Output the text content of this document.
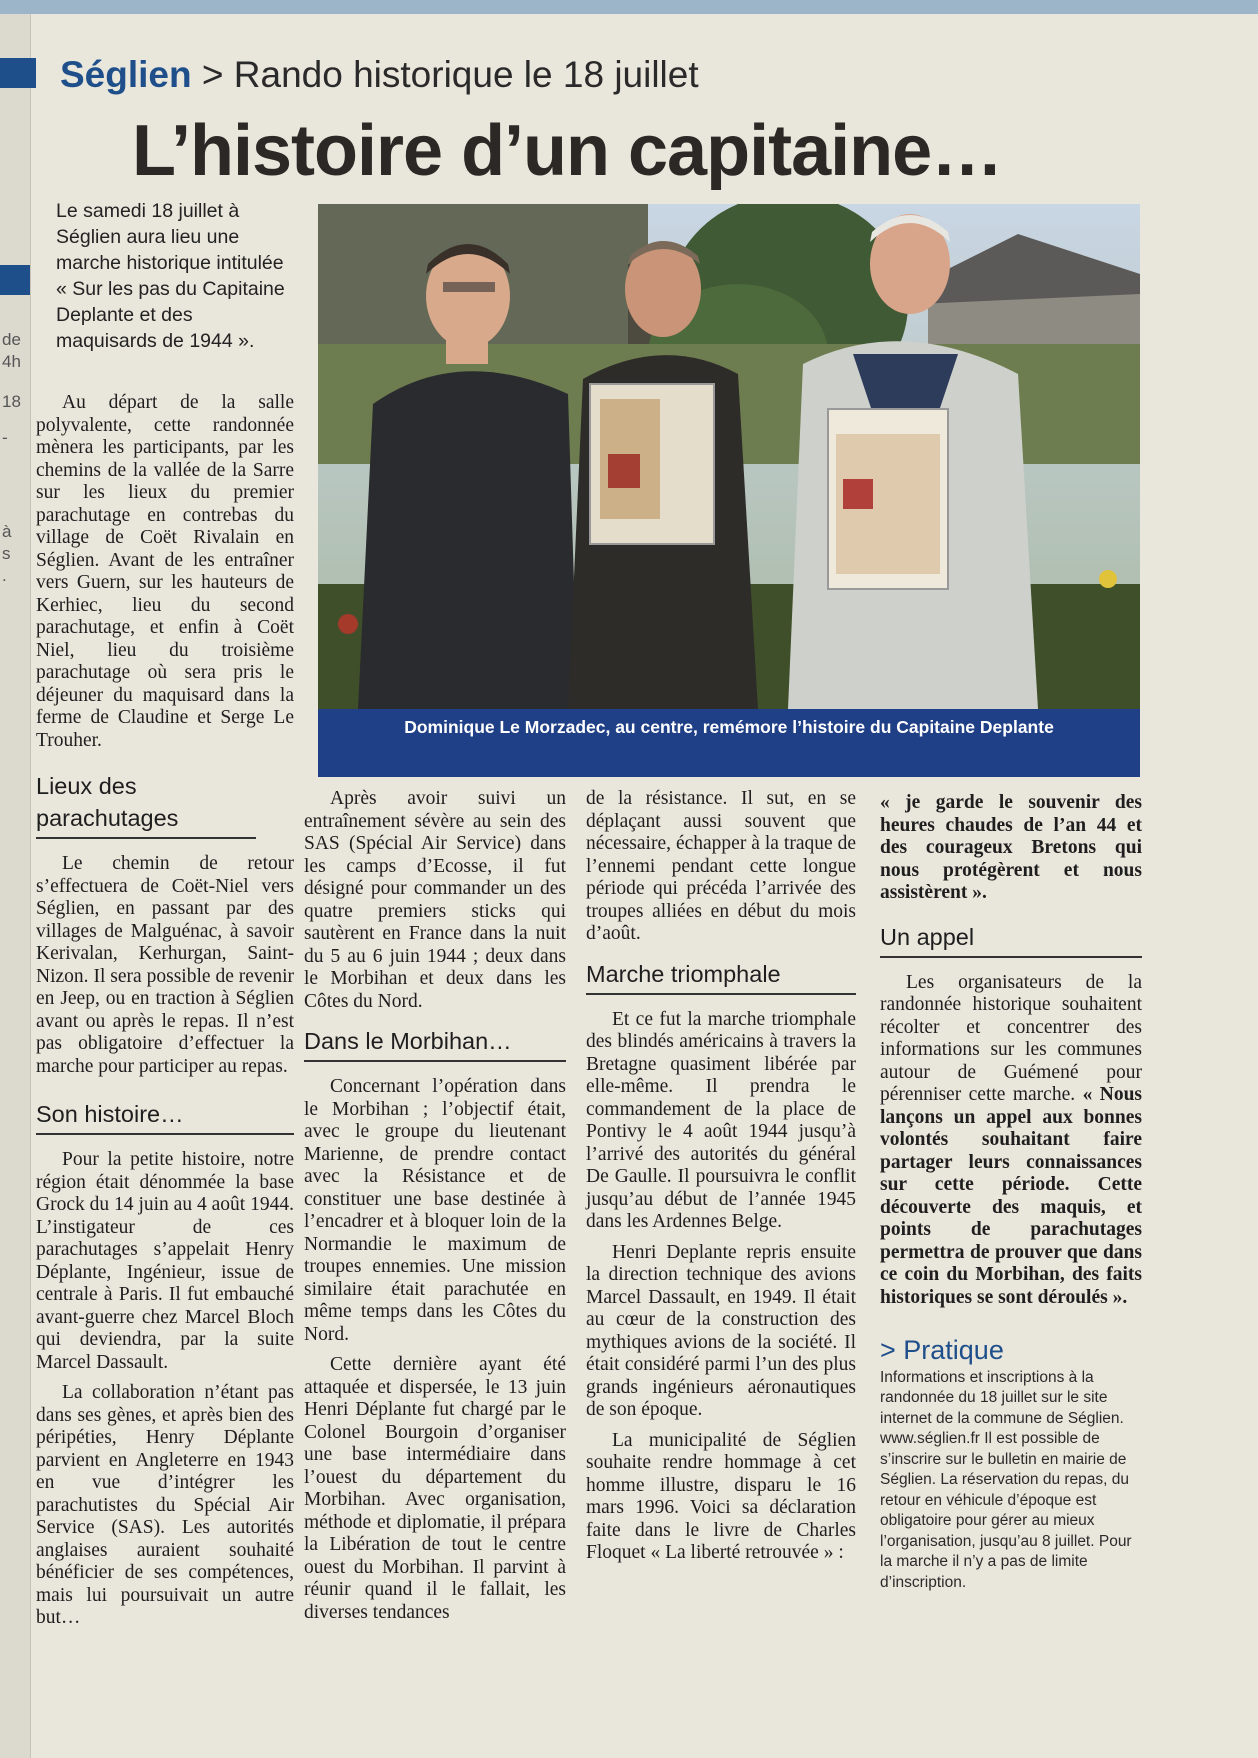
de
4h
18
-
à
s
.
Séglien > Rando historique le 18 juillet
L’histoire d’un capitaine…
Le samedi 18 juillet à Séglien aura lieu une marche historique intitulée « Sur les pas du Capitaine Deplante et des maquisards de 1944 ».
Dominique Le Morzadec, au centre, remémore l’histoire du Capitaine Deplante

Au départ de la salle polyvalente, cette randonnée mènera les participants, par les chemins de la vallée de la Sarre sur les lieux du premier parachutage en contrebas du village de Coët Rivalain en Séglien. Avant de les entraîner vers Guern, sur les hauteurs de Kerhiec, lieu du second parachutage, et enfin à Coët Niel, lieu du troisième parachutage où sera pris le déjeuner du maquisard dans la ferme de Claudine et Serge Le Trouher.

Lieux des parachutages

Le chemin de retour s’effectuera de Coët-Niel vers Séglien, en passant par des villages de Malguénac, à savoir Kerivalan, Kerhurgan, Saint-Nizon. Il sera possible de revenir en Jeep, ou en traction à Séglien avant ou après le repas. Il n’est pas obligatoire d’effectuer la marche pour participer au repas.

Son histoire…

Pour la petite histoire, notre région était dénommée la base Grock du 14 juin au 4 août 1944. L’instigateur de ces parachutages s’appelait Henry Déplante, Ingénieur, issue de centrale à Paris. Il fut embauché avant-guerre chez Marcel Bloch qui deviendra, par la suite Marcel Dassault.

La collaboration n’étant pas dans ses gènes, et après bien des péripéties, Henry Déplante parvient en Angleterre en 1943 en vue d’intégrer les parachutistes du Spécial Air Service (SAS). Les autorités anglaises auraient souhaité bénéficier de ses compétences, mais lui poursuivait un autre but…

Après avoir suivi un entraînement sévère au sein des SAS (Spécial Air Service) dans les camps d’Ecosse, il fut désigné pour commander un des quatre premiers sticks qui sautèrent en France dans la nuit du 5 au 6 juin 1944 ; deux dans le Morbihan et deux dans les Côtes du Nord.

Dans le Morbihan…

Concernant l’opération dans le Morbihan ; l’objectif était, avec le groupe du lieutenant Marienne, de prendre contact avec la Résistance et de constituer une base destinée à l’encadrer et à bloquer loin de la Normandie le maximum de troupes ennemies. Une mission similaire était parachutée en même temps dans les Côtes du Nord.

Cette dernière ayant été attaquée et dispersée, le 13 juin Henri Déplante fut chargé par le Colonel Bourgoin d’organiser une base intermédiaire dans l’ouest du département du Morbihan. Avec organisation, méthode et diplomatie, il prépara la Libération de tout le centre ouest du Morbihan. Il parvint à réunir quand il le fallait, les diverses tendances

de la résistance. Il sut, en se déplaçant aussi souvent que nécessaire, échapper à la traque de l’ennemi pendant cette longue période qui précéda l’arrivée des troupes alliées en début du mois d’août.

Marche triomphale

Et ce fut la marche triomphale des blindés américains à travers la Bretagne quasiment libérée par elle-même. Il prendra le commandement de la place de Pontivy le 4 août 1944 jusqu’à l’arrivé des autorités du général De Gaulle. Il poursuivra le conflit jusqu’au début de l’année 1945 dans les Ardennes Belge.

Henri Deplante repris ensuite la direction technique des avions Marcel Dassault, en 1949. Il était au cœur de la construction des mythiques avions de la société. Il était considéré parmi l’un des plus grands ingénieurs aéronautiques de son époque.

La municipalité de Séglien souhaite rendre hommage à cet homme illustre, disparu le 16 mars 1996. Voici sa déclaration faite dans le livre de Charles Floquet « La liberté retrouvée » :

« je garde le souvenir des heures chaudes de l’an 44 et des courageux Bretons qui nous protégèrent et nous assistèrent ».

Un appel

Les organisateurs de la randonnée historique souhaitent récolter et concentrer des informations sur les communes autour de Guémené pour pérenniser cette marche. « Nous lançons un appel aux bonnes volontés souhaitant faire partager leurs connaissances sur cette période. Cette découverte des maquis, et points de parachutages permettra de prouver que dans ce coin du Morbihan, des faits historiques se sont déroulés ».

> Pratique
Informations et inscriptions à la randonnée du 18 juillet sur le site internet de la commune de Séglien. www.séglien.fr Il est possible de s’inscrire sur le bulletin en mairie de Séglien. La réservation du repas, du retour en véhicule d’époque est obligatoire pour gérer au mieux l’organisation, jusqu’au 8 juillet. Pour la marche il n’y a pas de limite d’inscription.
